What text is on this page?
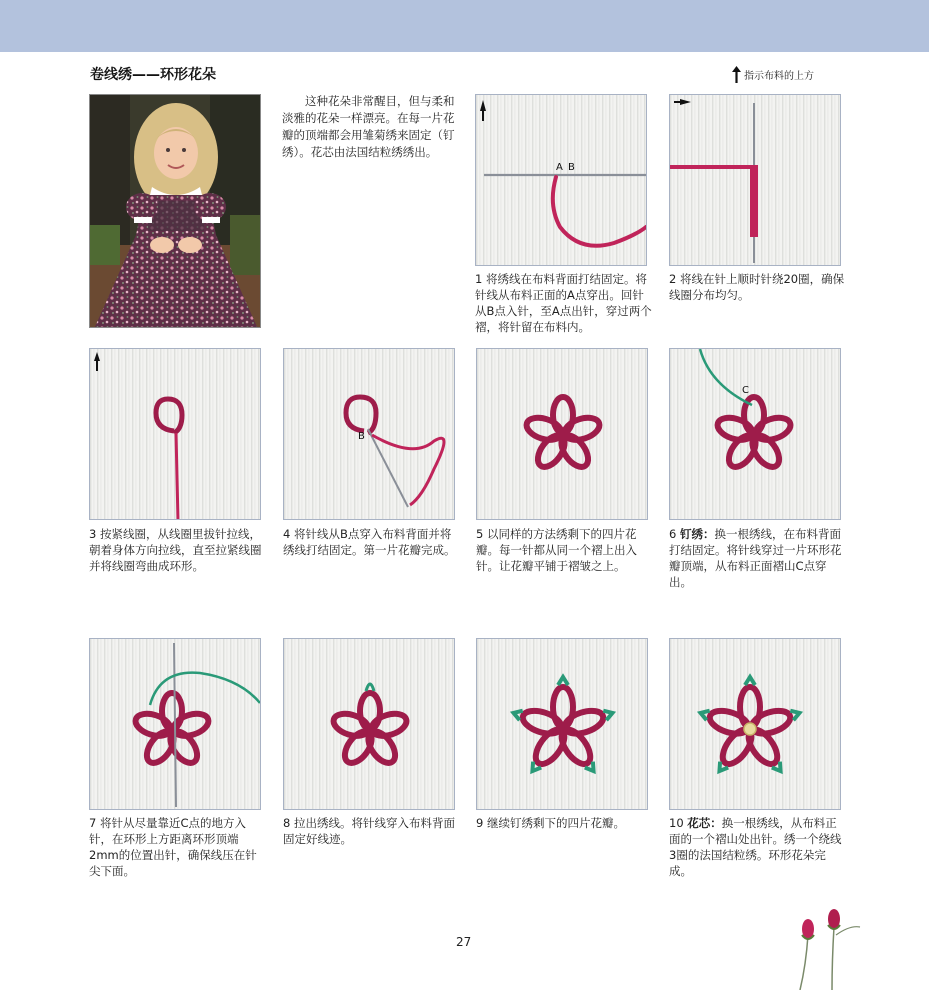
卷线绣——环形花朵	指示布料的上方
这种花朵非常醒目，但与柔和淡雅的花朵一样漂亮。在每一片花瓣的顶端都会用雏菊绣来固定（钉绣）。花芯由法国结粒绣绣出。
A B
B
C
1 将绣线在布料背面打结固定。将针线从布料正面的A点穿出。回针从B点入针，至A点出针，穿过两个褶，将针留在布料内。
2 将线在针上顺时针绕20圈，确保线圈分布均匀。
3 按紧线圈，从线圈里拔针拉线，朝着身体方向拉线，直至拉紧线圈并将线圈弯曲成环形。
4 将针线从B点穿入布料背面并将绣线打结固定。第一片花瓣完成。
5 以同样的方法绣剩下的四片花瓣。每一针都从同一个褶上出入针。让花瓣平铺于褶皱之上。
6 钉绣：换一根绣线，在布料背面打结固定。将针线穿过一片环形花瓣顶端，从布料正面褶山C点穿出。
7 将针从尽量靠近C点的地方入针，在环形上方距离环形顶端2mm的位置出针，确保线压在针尖下面。
8 拉出绣线。将针线穿入布料背面固定好线迹。
9 继续钉绣剩下的四片花瓣。	10 花芯：换一根绣线，从布料正面的一个褶山处出针。绣一个绕线3圈的法国结粒绣。环形花朵完成。
27
